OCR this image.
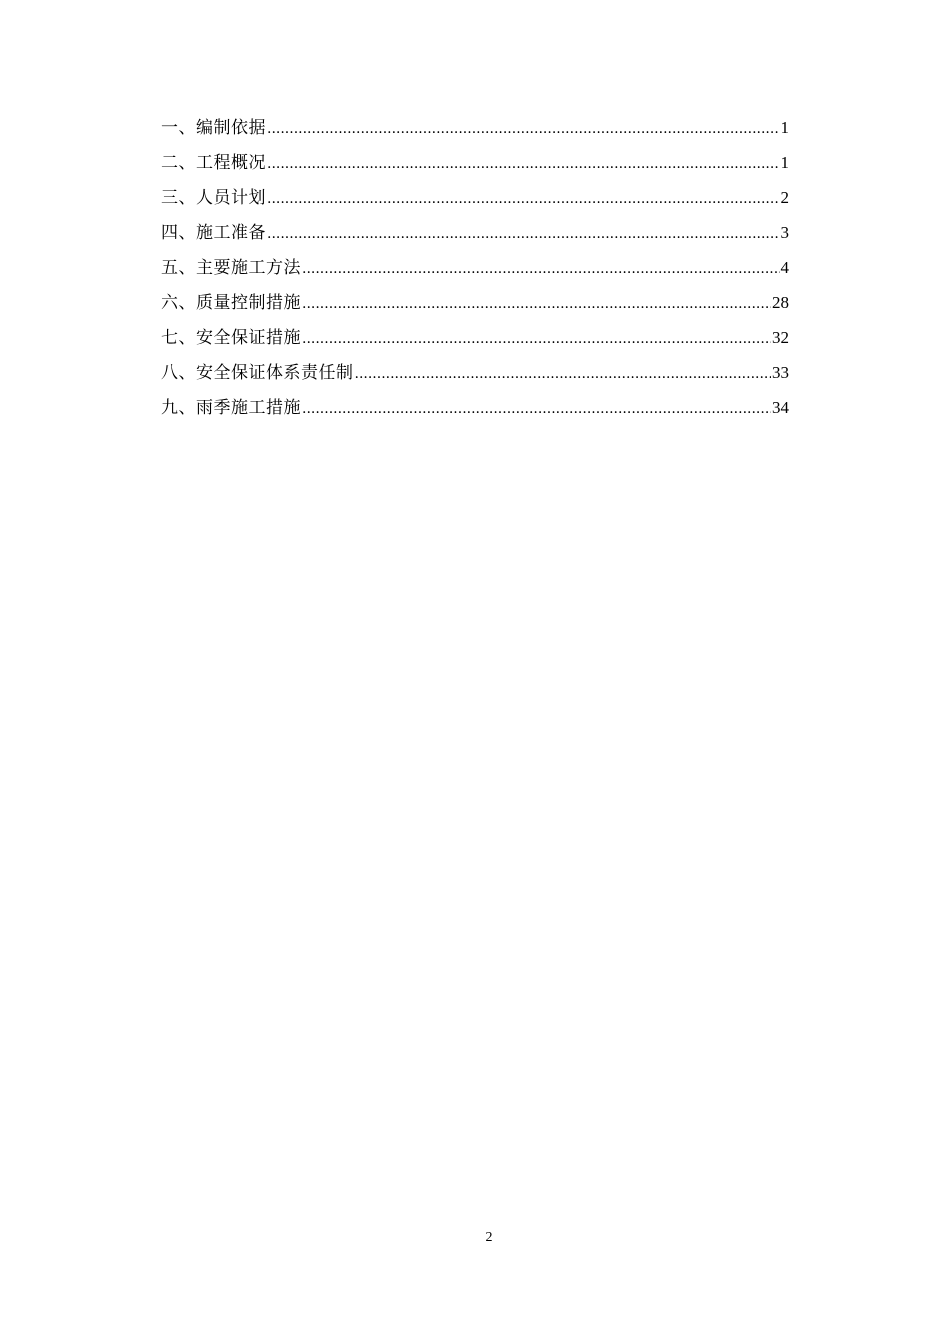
一、编制依据 .....	1
二、工程概况 .....	1
三、人员计划 .....	2
四、施工准备 .....	3
五、主要施工方法 .....	4
六、质量控制措施 .....	28
七、安全保证措施 .....	32
八、安全保证体系责任制 .....	33
九、雨季施工措施 .....	34
2
